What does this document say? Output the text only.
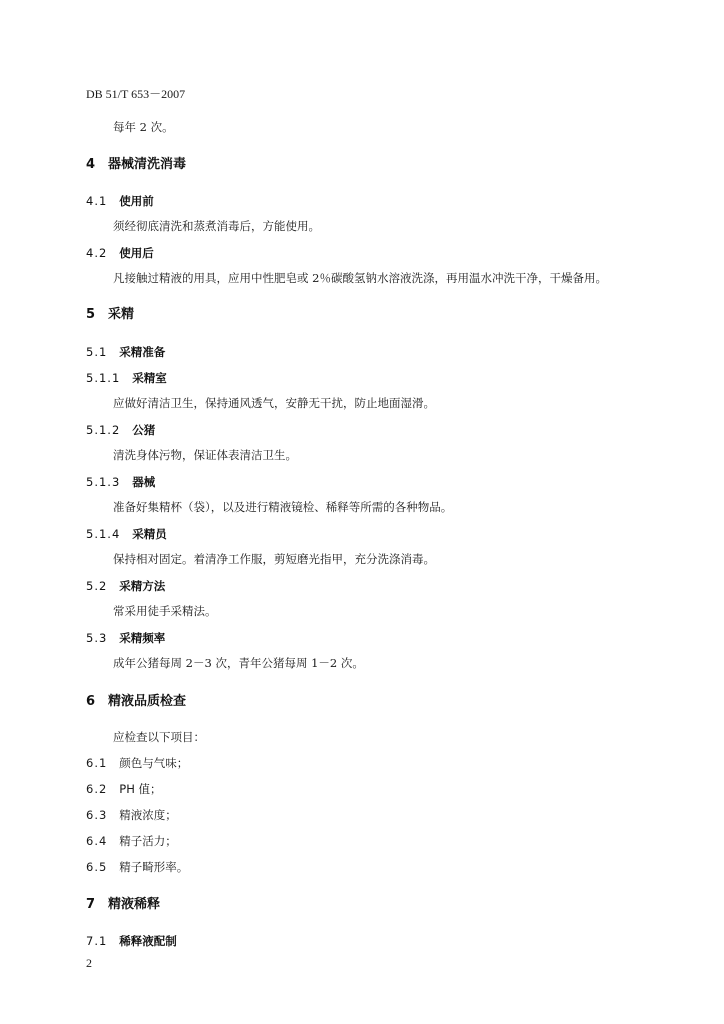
DB 51/T 653－2007
每年 2 次。
4 器械清洗消毒
4.1 使用前
须经彻底清洗和蒸煮消毒后，方能使用。
4.2 使用后
凡接触过精液的用具，应用中性肥皂或 2％碳酸氢钠水溶液洗涤，再用温水冲洗干净，干燥备用。
5 采精
5.1 采精准备
5.1.1 采精室
应做好清洁卫生，保持通风透气，安静无干扰，防止地面湿滑。
5.1.2 公猪
清洗身体污物，保证体表清洁卫生。
5.1.3 器械
准备好集精杯（袋），以及进行精液镜检、稀释等所需的各种物品。
5.1.4 采精员
保持相对固定。着清净工作服，剪短磨光指甲，充分洗涤消毒。
5.2 采精方法
常采用徒手采精法。
5.3 采精频率
成年公猪每周 2－3 次，青年公猪每周 1－2 次。
6 精液品质检查
应检查以下项目：
6.1 颜色与气味；
6.2 PH 值；
6.3 精液浓度；
6.4 精子活力；
6.5 精子畸形率。
7 精液稀释
7.1 稀释液配制
2
